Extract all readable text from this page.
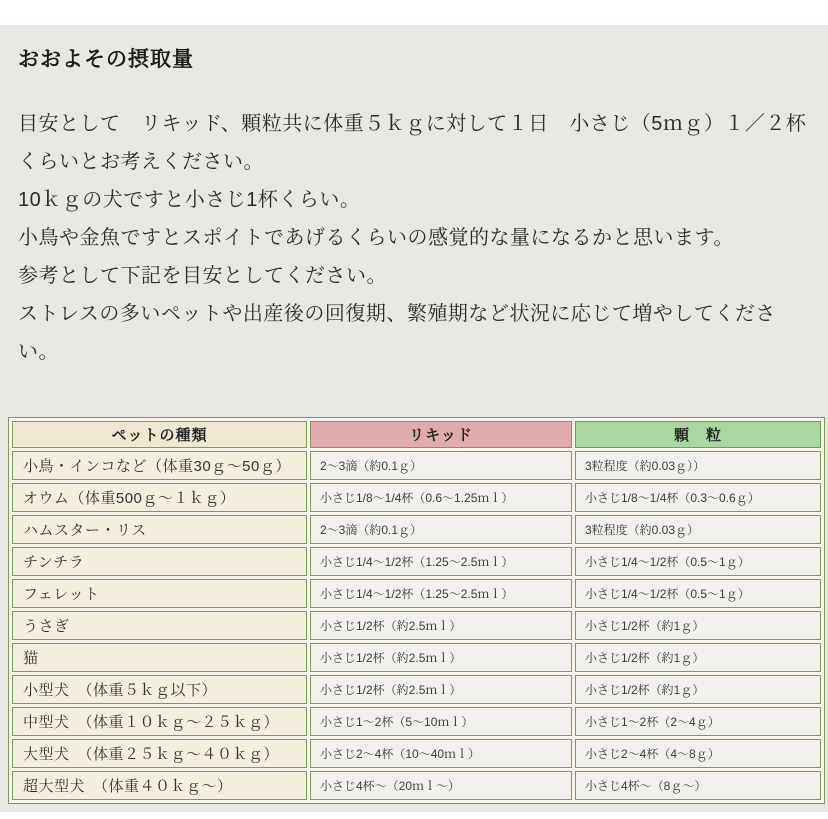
おおよその摂取量

目安として　リキッド、顆粒共に体重５ｋｇに対して１日　小さじ（5ｍｇ）１／２杯くらいとお考えください。

10ｋｇの犬ですと小さじ1杯くらい。

小鳥や金魚ですとスポイトであげるくらいの感覚的な量になるかと思います。

参考として下記を目安としてください。

ストレスの多いペットや出産後の回復期、繁殖期など状況に応じて増やしてください。

ペットの種類	リキッド	顆　粒
小鳥・インコなど（体重30ｇ～50ｇ）	2～3滴（約0.1ｇ）	3粒程度（約0.03ｇ））
オウム（体重500ｇ～１ｋｇ）	小さじ1/8～1/4杯（0.6～1.25ｍｌ）	小さじ1/8～1/4杯（0.3～0.6ｇ）
ハムスター・リス	2～3滴（約0.1ｇ）	3粒程度（約0.03ｇ）
チンチラ	小さじ1/4～1/2杯（1.25～2.5ｍｌ）	小さじ1/4～1/2杯（0.5～1ｇ）
フェレット	小さじ1/4～1/2杯（1.25～2.5ｍｌ）	小さじ1/4～1/2杯（0.5～1ｇ）
うさぎ	小さじ1/2杯（約2.5ｍｌ）	小さじ1/2杯（約1ｇ）
猫	小さじ1/2杯（約2.5ｍｌ）	小さじ1/2杯（約1ｇ）
小型犬　（体重５ｋｇ以下）	小さじ1/2杯（約2.5ｍｌ）	小さじ1/2杯（約1ｇ）
中型犬　（体重１０ｋｇ～２５ｋｇ）	小さじ1～2杯（5～10ｍｌ）	小さじ1～2杯（2～4ｇ）
大型犬　（体重２５ｋｇ～４０ｋｇ）	小さじ2～4杯（10～40ｍｌ）	小さじ2～4杯（4～8ｇ）
超大型犬　（体重４０ｋｇ～）	小さじ4杯～（20ｍｌ～）	小さじ4杯～（8ｇ～）
